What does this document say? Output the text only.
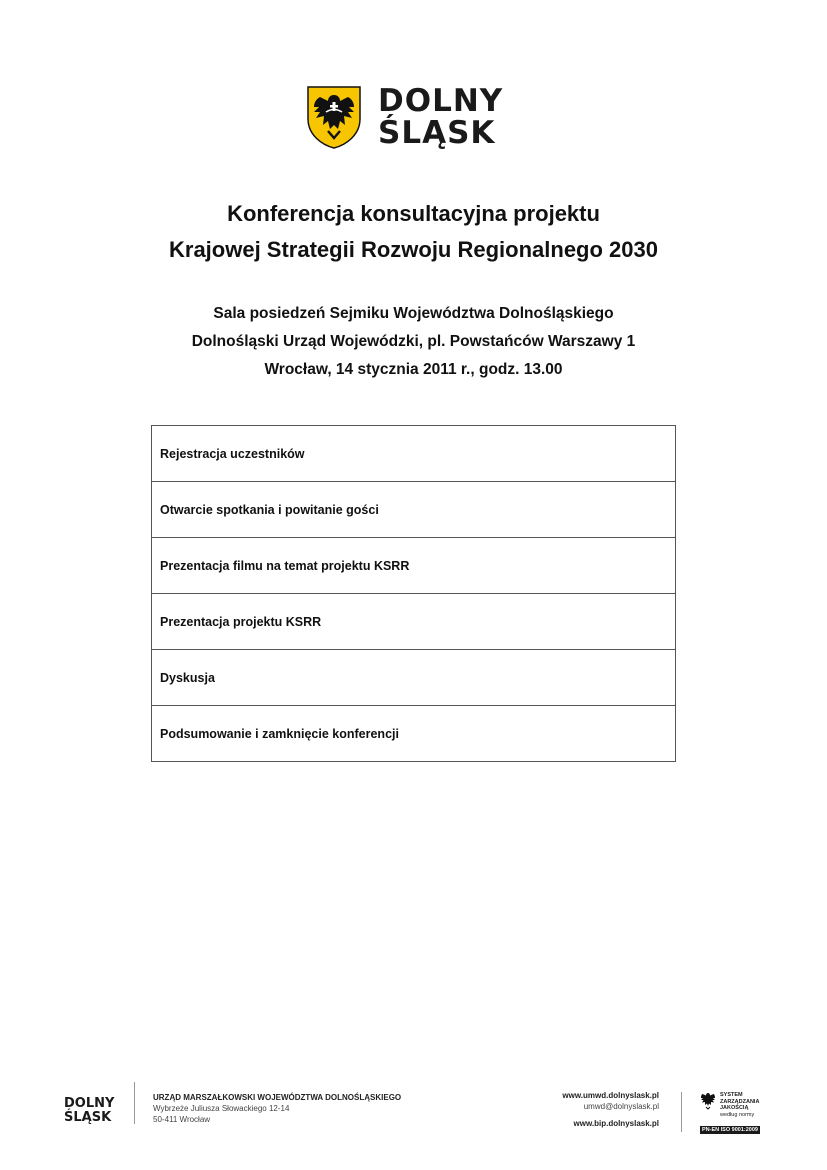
DOLNY
ŚLĄSK
Konferencja konsultacyjna projektu
Krajowej Strategii Rozwoju Regionalnego 2030
Sala posiedzeń Sejmiku Województwa Dolnośląskiego
Dolnośląski Urząd Wojewódzki, pl. Powstańców Warszawy 1
Wrocław, 14 stycznia 2011 r., godz. 13.00
Rejestracja uczestników
Otwarcie spotkania i powitanie gości
Prezentacja filmu na temat projektu KSRR
Prezentacja projektu KSRR
Dyskusja
Podsumowanie i zamknięcie konferencji
DOLNY
ŚLĄSK
URZĄD MARSZAŁKOWSKI WOJEWÓDZTWA DOLNOŚLĄSKIEGO
Wybrzeże Juliusza Słowackiego 12-14
50-411 Wrocław
www.umwd.dolnyslask.pl
umwd@dolnyslask.pl
www.bip.dolnyslask.pl
SYSTEM
ZARZĄDZANIA
JAKOŚCIĄ
według normy
PN-EN ISO 9001:2009
